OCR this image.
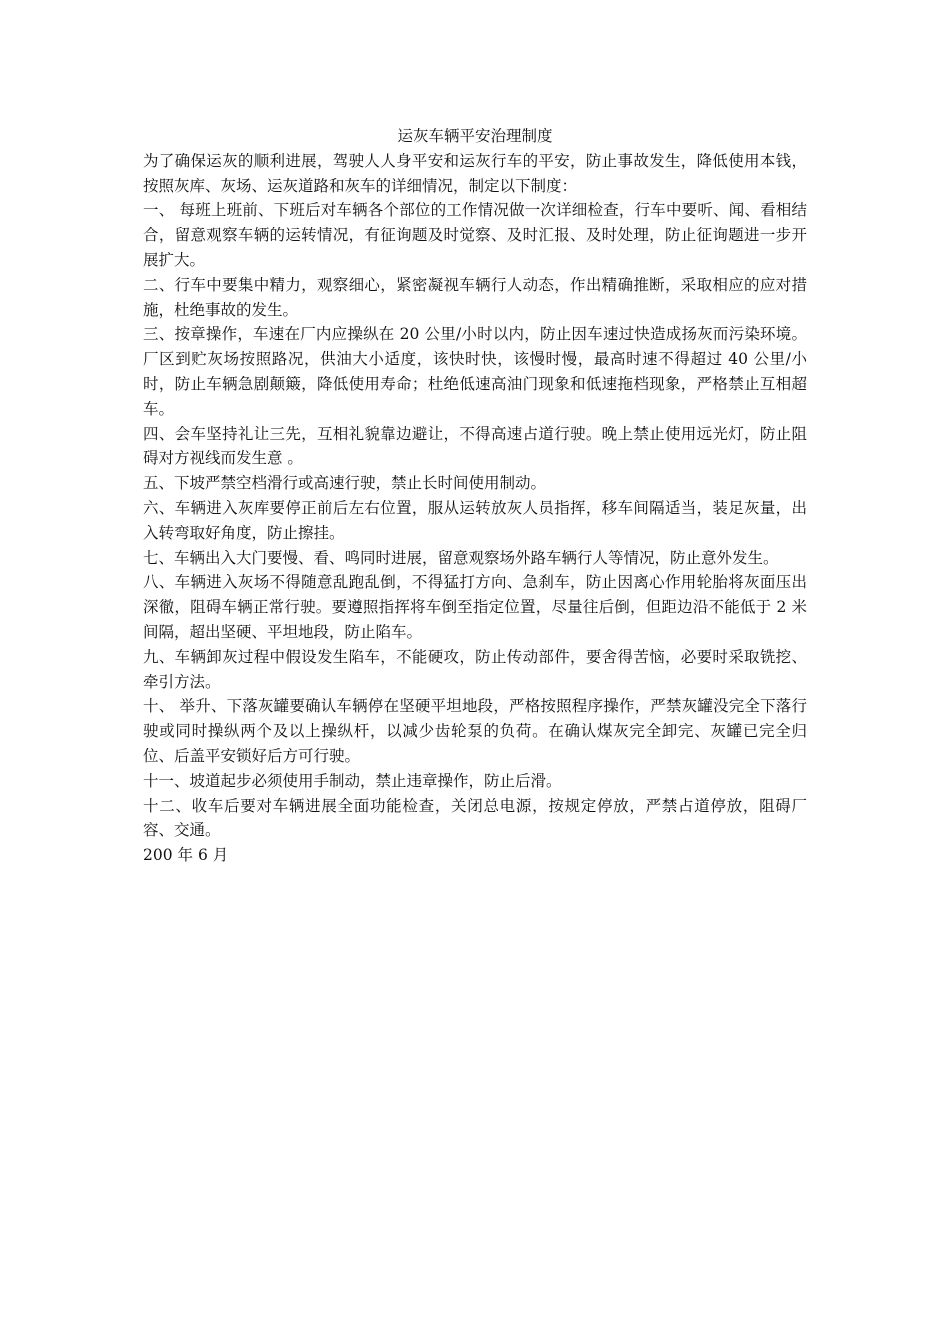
运灰车辆平安治理制度

为了确保运灰的顺利进展，驾驶人人身平安和运灰行车的平安，防止事故发生，降低使用本钱，按照灰库、灰场、运灰道路和灰车的详细情况，制定以下制度：

一、 每班上班前、下班后对车辆各个部位的工作情况做一次详细检查，行车中要听、闻、看相结合，留意观察车辆的运转情况，有征询题及时觉察、及时汇报、及时处理，防止征询题进一步开展扩大。

二、行车中要集中精力，观察细心，紧密凝视车辆行人动态，作出精确推断，采取相应的应对措施，杜绝事故的发生。

三、按章操作，车速在厂内应操纵在 20 公里/小时以内，防止因车速过快造成扬灰而污染环境。厂区到贮灰场按照路况，供油大小适度，该快时快，该慢时慢，最高时速不得超过 40 公里/小时，防止车辆急剧颠簸，降低使用寿命；杜绝低速高油门现象和低速拖档现象，严格禁止互相超车。

四、会车坚持礼让三先，互相礼貌靠边避让，不得高速占道行驶。晚上禁止使用远光灯，防止阻碍对方视线而发生意 。

五、下坡严禁空档滑行或高速行驶，禁止长时间使用制动。

六、车辆进入灰库要停正前后左右位置，服从运转放灰人员指挥，移车间隔适当，装足灰量，出入转弯取好角度，防止擦挂。

七、车辆出入大门要慢、看、鸣同时进展，留意观察场外路车辆行人等情况，防止意外发生。

八、车辆进入灰场不得随意乱跑乱倒，不得猛打方向、急刹车，防止因离心作用轮胎将灰面压出深徹，阻碍车辆正常行驶。要遵照指挥将车倒至指定位置，尽量往后倒，但距边沿不能低于 2 米间隔，超出坚硬、平坦地段，防止陷车。

九、车辆卸灰过程中假设发生陷车，不能硬攻，防止传动部件，要舍得苦恼，必要时采取铣挖、牵引方法。

十、 举升、下落灰罐要确认车辆停在坚硬平坦地段，严格按照程序操作，严禁灰罐没完全下落行驶或同时操纵两个及以上操纵杆，以减少齿轮泵的负荷。在确认煤灰完全卸完、灰罐已完全归位、后盖平安锁好后方可行驶。

十一、坡道起步必须使用手制动，禁止违章操作，防止后滑。

十二、收车后要对车辆进展全面功能检查，关闭总电源，按规定停放，严禁占道停放，阻碍厂容、交通。

200 年 6 月
